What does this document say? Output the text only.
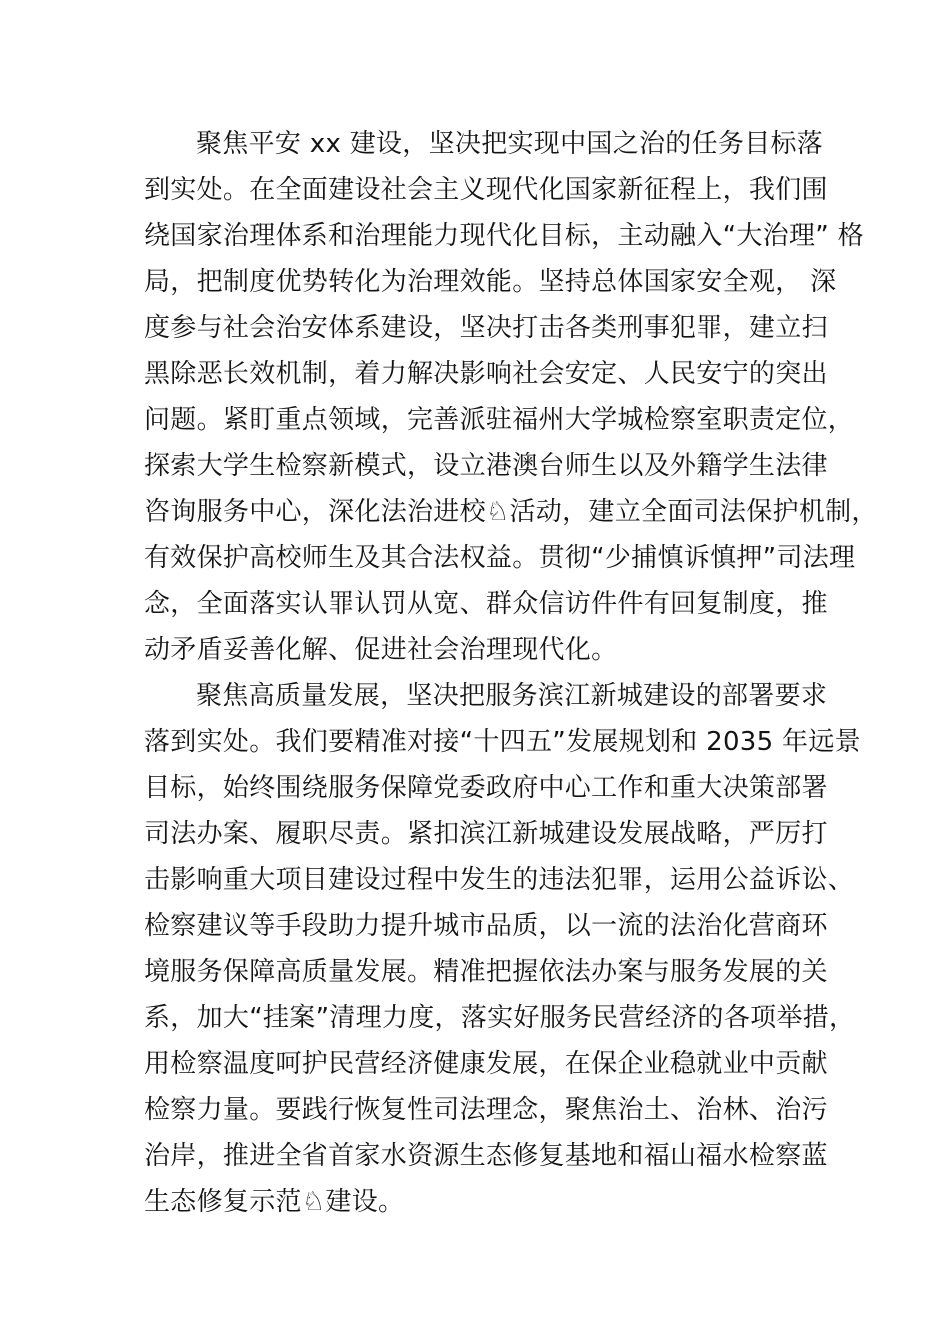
聚焦平安 xx 建设，坚决把实现中国之治的任务目标落
到实处。在全面建设社会主义现代化国家新征程上，我们围
绕国家治理体系和治理能力现代化目标，主动融入“大治理” 格
局，把制度优势转化为治理效能。坚持总体国家安全观， 深
度参与社会治安体系建设，坚决打击各类刑事犯罪，建立扫
黑除恶长效机制，着力解决影响社会安定、人民安宁的突出
问题。紧盯重点领域，完善派驻福州大学城检察室职责定位，
探索大学生检察新模式，设立港澳台师生以及外籍学生法律
咨询服务中心，深化法治进校♘活动，建立全面司法保护机制，
有效保护高校师生及其合法权益。贯彻“少捕慎诉慎押”司法理
念，全面落实认罪认罚从宽、群众信访件件有回复制度，推
动矛盾妥善化解、促进社会治理现代化。
聚焦高质量发展，坚决把服务滨江新城建设的部署要求
落到实处。我们要精准对接“十四五”发展规划和 2035 年远景
目标，始终围绕服务保障党委政府中心工作和重大决策部署
司法办案、履职尽责。紧扣滨江新城建设发展战略，严厉打
击影响重大项目建设过程中发生的违法犯罪，运用公益诉讼、
检察建议等手段助力提升城市品质，以一流的法治化营商环
境服务保障高质量发展。精准把握依法办案与服务发展的关
系，加大“挂案”清理力度，落实好服务民营经济的各项举措，
用检察温度呵护民营经济健康发展，在保企业稳就业中贡献
检察力量。要践行恢复性司法理念，聚焦治土、治林、治污
治岸，推进全省首家水资源生态修复基地和福山福水检察蓝
生态修复示范♘建设。
